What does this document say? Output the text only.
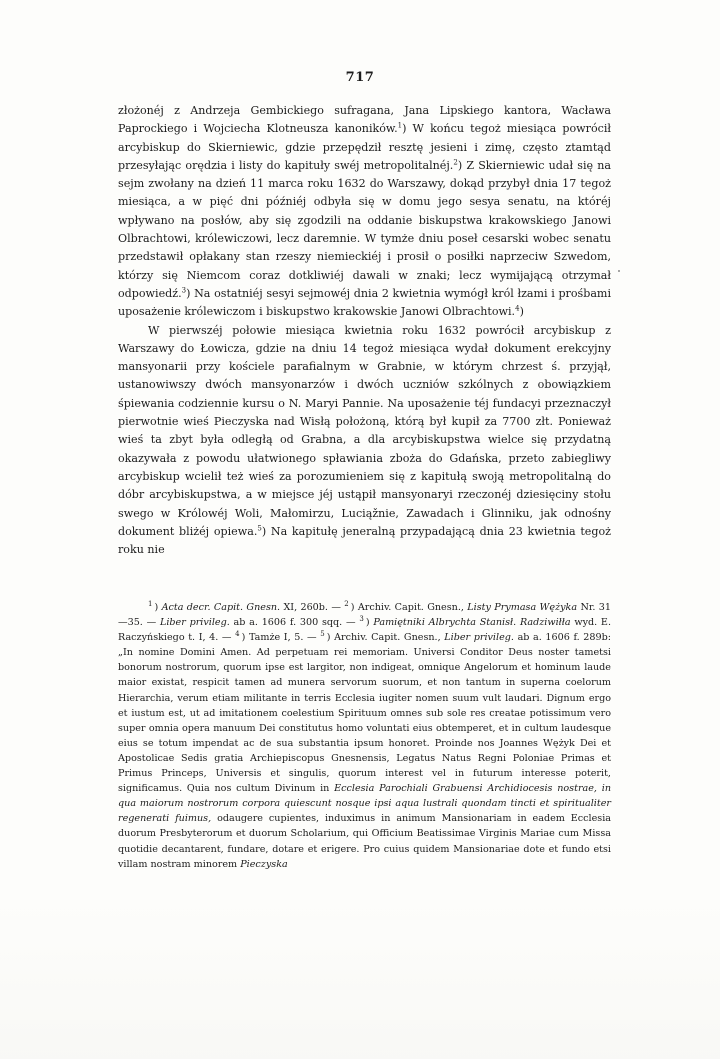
717

złożonéj z Andrzeja Gembickiego sufragana, Jana Lipskiego kantora, Wacława Paprockiego i Wojciecha Klotneusza kanoników.$^1$) W końcu tegoż miesiąca powrócił arcybiskup do Skierniewic, gdzie przepędził resztę jesieni i zimę, często ztamtąd przesyłając orędzia i listy do kapituły swéj metropolitalnéj.$^2$) Z Skierniewic udał się na sejm zwołany na dzień 11 marca roku 1632 do Warszawy, dokąd przybył dnia 17 tegoż miesiąca, a w pięć dni późniéj odbyła się w domu jego sesya senatu, na któréj wpływano na posłów, aby się zgodzili na oddanie biskupstwa krakowskiego Janowi Olbrachtowi, królewiczowi, lecz daremnie. W tymże dniu poseł cesarski wobec senatu przedstawił opłakany stan rzeszy niemieckiéj i prosił o posiłki naprzeciw Szwedom, którzy się Niemcom coraz dotkliwiéj dawali w znaki; lecz wymijającą otrzymał odpowiedź.$^3$) Na ostatniéj sesyi sejmowéj dnia 2 kwietnia wymógł król łzami i prośbami uposażenie królewiczom i biskupstwo krakowskie Janowi Olbrachtowi.$^4$)

W pierwszéj połowie miesiąca kwietnia roku 1632 powrócił arcybiskup z Warszawy do Łowicza, gdzie na dniu 14 tegoż miesiąca wydał dokument erekcyjny mansyonarii przy kościele parafialnym w Grabnie, w którym chrzest ś. przyjął, ustanowiwszy dwóch mansyonarzów i dwóch uczniów szkólnych z obowiązkiem śpiewania codziennie kursu o N. Maryi Pannie. Na uposażenie téj fundacyi przeznaczył pierwotnie wieś Pieczyska nad Wisłą położoną, którą był kupił za 7700 złt. Ponieważ wieś ta zbyt była odległą od Grabna, a dla arcybiskupstwa wielce się przydatną okazywała z powodu ułatwionego spławiania zboża do Gdańska, przeto zabiegliwy arcybiskup wcielił też wieś za porozumieniem się z kapitułą swoją metropolitalną do dóbr arcybiskupstwa, a w miejsce jéj ustąpił mansyonaryi rzeczonéj dziesięciny stołu swego w Królowéj Woli, Małomirzu, Luciąžnie, Zawadach i Glinniku, jak odnośny dokument bliżéj opiewa.$^5$) Na kapitułę jeneralną przypadającą dnia 23 kwietnia tegoż roku nie

$^1$ ) Acta decr. Capit. Gnesn. XI, 260b. — $^2$ ) Archiv. Capit. Gnesn., Listy Prymasa Wężyka Nr. 31—35. — Liber privileg. ab a. 1606 f. 300 sqq. — $^3$ ) Pamiętniki Albrychta Stanisł. Radziwiłła wyd. E. Raczyńskiego t. I, 4. — $^4$ ) Tamże I, 5. — $^5$ ) Archiv. Capit. Gnesn., Liber privileg. ab a. 1606 f. 289b: „In nomine Domini Amen. Ad perpetuam rei memoriam. Universi Conditor Deus noster tametsi bonorum nostrorum, quorum ipse est largitor, non indigeat, omnique Angelorum et hominum laude maior existat, respicit tamen ad munera servorum suorum, et non tantum in superna coelorum Hierarchia, verum etiam militante in terris Ecclesia iugiter nomen suum vult laudari. Dignum ergo et iustum est, ut ad imitationem coelestium Spirituum omnes sub sole res creatae potissimum vero super omnia opera manuum Dei constitutus homo voluntati eius obtemperet, et in cultum laudesque eius se totum impendat ac de sua substantia ipsum honoret. Proinde nos Joannes Wężyk Dei et Apostolicae Sedis gratia Archiepiscopus Gnesnensis, Legatus Natus Regni Poloniae Primas et Primus Princeps, Universis et singulis, quorum interest vel in futurum interesse poterit, significamus. Quia nos cultum Divinum in Ecclesia Parochiali Grabuensi Archidiocesis nostrae, in qua maiorum nostrorum corpora quiescunt nosque ipsi aqua lustrali quondam tincti et spiritualiter regenerati fuimus, odaugere cupientes, induximus in animum Mansionariam in eadem Ecclesia duorum Presbyterorum et duorum Scholarium, qui Officium Beatissimae Virginis Mariae cum Missa quotidie decantarent, fundare, dotare et erigere. Pro cuius quidem Mansionariae dote et fundo etsi villam nostram minorem Pieczyska
